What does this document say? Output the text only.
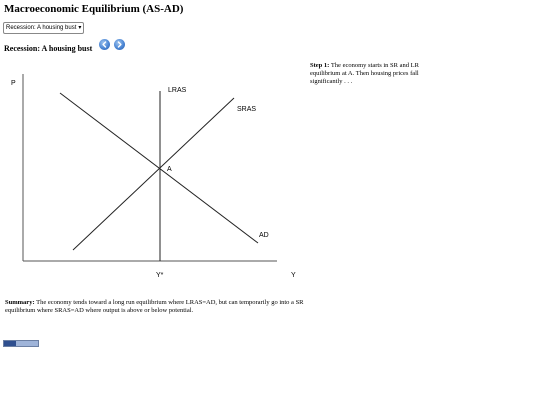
Macroeconomic Equilibrium (AS-AD)
Recession: A housing bust ▾
Recession: A housing bust
P
Y
LRAS
SRAS
AD
A
Y*
Step 1: The economy starts in SR and LR equilibrium at A. Then housing prices fall significantly . . .
Summary: The economy tends toward a long run equilibrium where LRAS=AD, but can temporarily go into a SR equilibrium where SRAS=AD where output is above or below potential.
